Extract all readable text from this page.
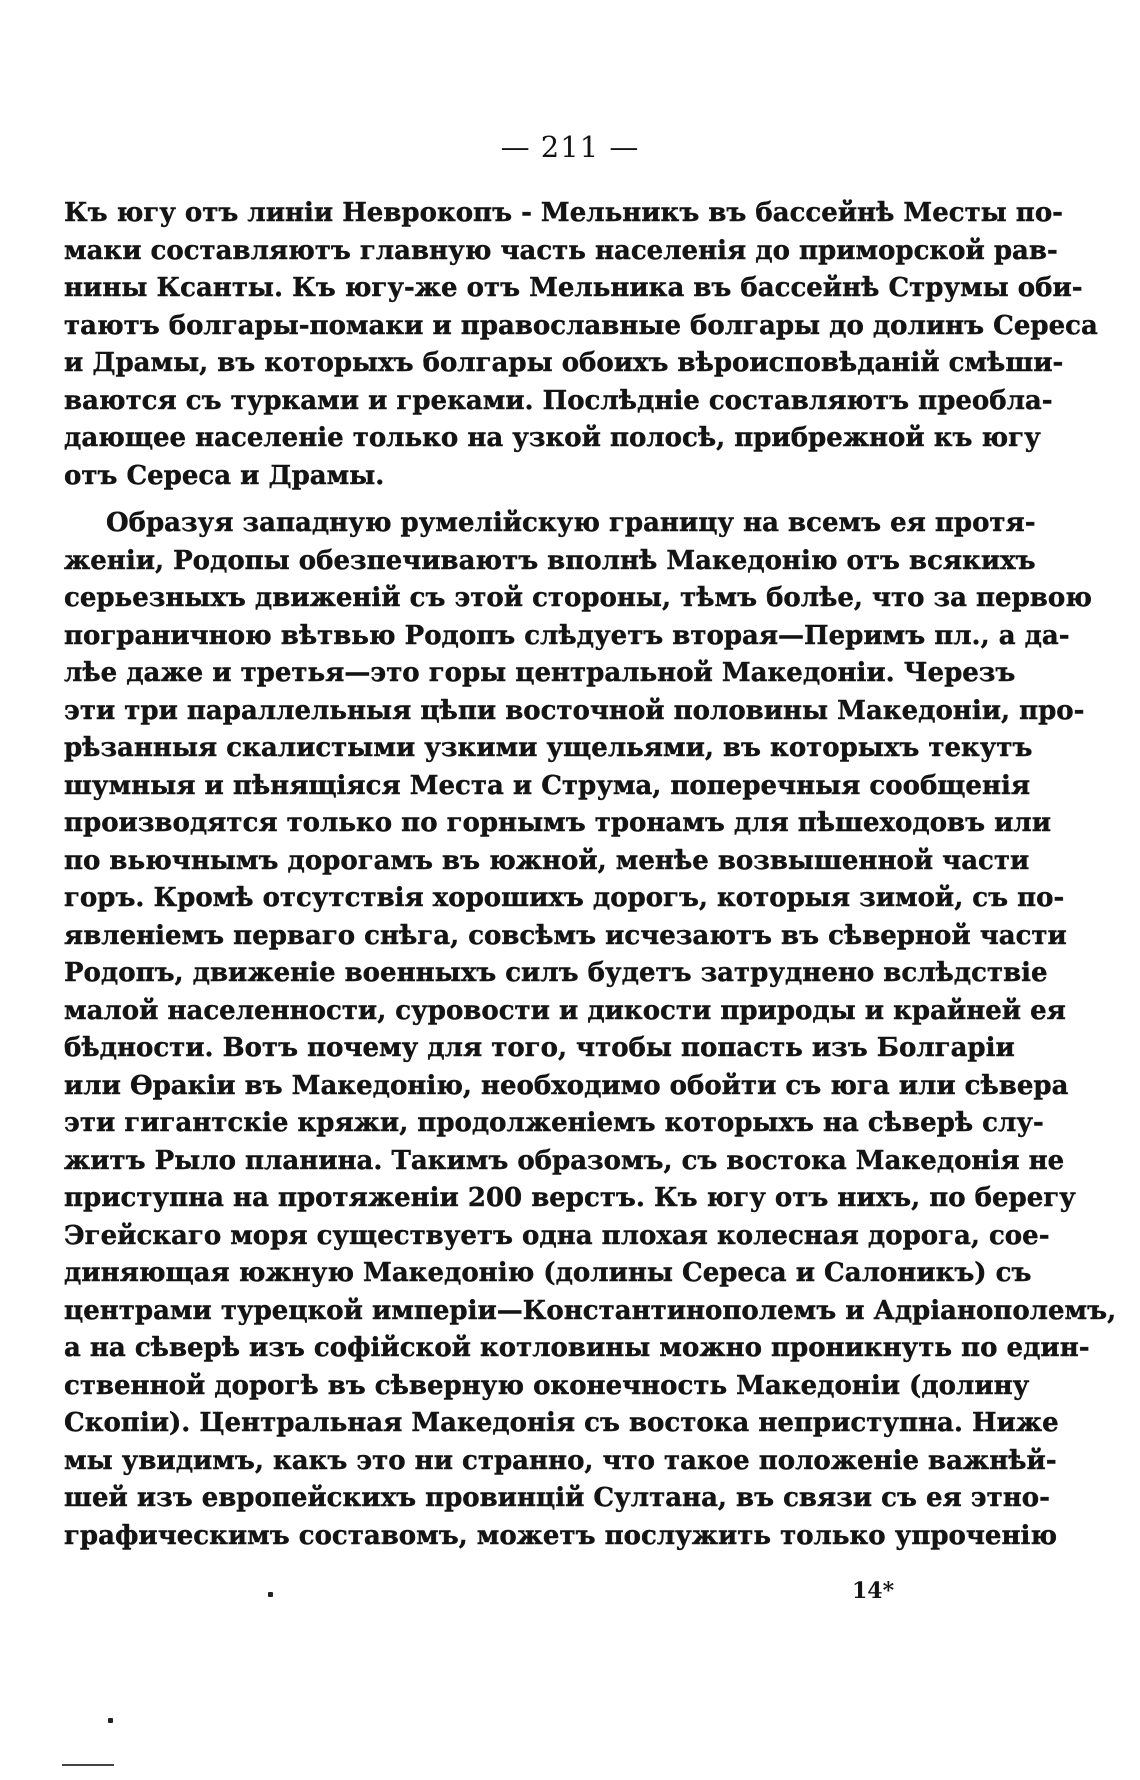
— 211 —
Къ югу отъ линіи Неврокопъ - Мельникъ въ бассейнѣ Месты по-
маки составляютъ главную часть населенія до приморской рав-
нины Ксанты. Къ югу-же отъ Мельника въ бассейнѣ Струмы оби-
таютъ болгары-помаки и православные болгары до долинъ Сереса
и Драмы, въ которыхъ болгары обоихъ вѣроисповѣданій смѣши-
ваются съ турками и греками. Послѣдніе составляютъ преобла-
дающее населеніе только на узкой полосѣ, прибрежной къ югу
отъ Сереса и Драмы.
Образуя западную румелійскую границу на всемъ ея протя-
женіи, Родопы обезпечиваютъ вполнѣ Македонію отъ всякихъ
серьезныхъ движеній съ этой стороны, тѣмъ болѣе, что за первою
пограничною вѣтвью Родопъ слѣдуетъ вторая—Перимъ пл., а да-
лѣе даже и третья—это горы центральной Македоніи. Черезъ
эти три параллельныя цѣпи восточной половины Македоніи, про-
рѣзанныя скалистыми узкими ущельями, въ которыхъ текутъ
шумныя и пѣнящіяся Места и Струма, поперечныя сообщенія
производятся только по горнымъ тронамъ для пѣшеходовъ или
по вьючнымъ дорогамъ въ южной, менѣе возвышенной части
горъ. Кромѣ отсутствія хорошихъ дорогъ, которыя зимой, съ по-
явленіемъ перваго снѣга, совсѣмъ исчезаютъ въ сѣверной части
Родопъ, движеніе военныхъ силъ будетъ затруднено вслѣдствіе
малой населенности, суровости и дикости природы и крайней ея
бѣдности. Вотъ почему для того, чтобы попасть изъ Болгаріи
или Ѳракіи въ Македонію, необходимо обойти съ юга или сѣвера
эти гигантскіе кряжи, продолженіемъ которыхъ на сѣверѣ слу-
житъ Рыло планина. Такимъ образомъ, съ востока Македонія не
приступна на протяженіи 200 верстъ. Къ югу отъ нихъ, по берегу
Эгейскаго моря существуетъ одна плохая колесная дорога, сое-
диняющая южную Македонію (долины Сереса и Салоникъ) съ
центрами турецкой имперіи—Константинополемъ и Адріанополемъ,
а на сѣверѣ изъ софійской котловины можно проникнуть по един-
ственной дорогѣ въ сѣверную оконечность Македоніи (долину
Скопіи). Центральная Македонія съ востока неприступна. Ниже
мы увидимъ, какъ это ни странно, что такое положеніе важнѣй-
шей изъ европейскихъ провинцій Султана, въ связи съ ея этно-
графическимъ составомъ, можетъ послужить только упроченію
14*
